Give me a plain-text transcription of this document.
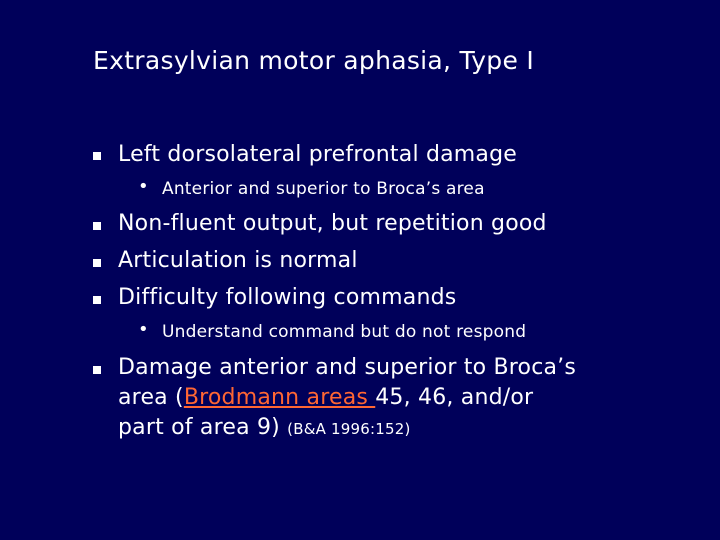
Extrasylvian motor aphasia, Type I
Left dorsolateral prefrontal damage
• Anterior and superior to Broca’s area
Non-fluent output, but repetition good
Articulation is normal
Difficulty following commands
• Understand command but do not respond
Damage anterior and superior to Broca’s
area (Brodmann areas 45, 46, and/or
part of area 9) (B&A 1996:152)
